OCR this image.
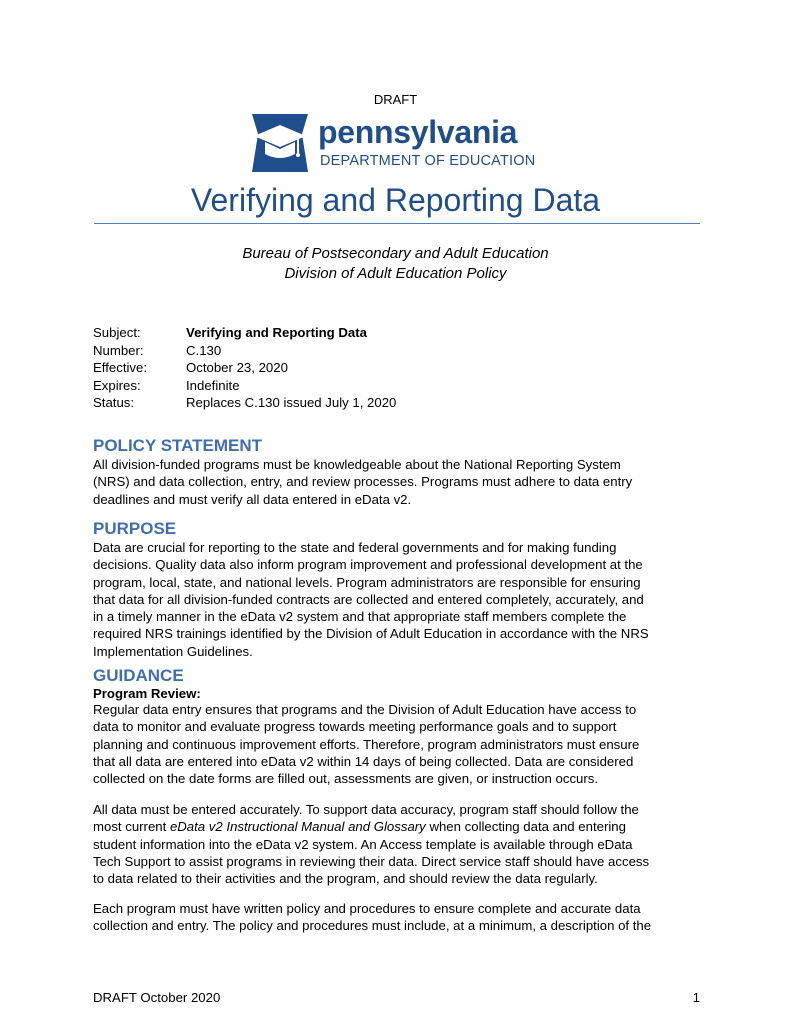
DRAFT
pennsylvania
DEPARTMENT OF EDUCATION
Verifying and Reporting Data
Bureau of Postsecondary and Adult Education
Division of Adult Education Policy
Subject:	Verifying and Reporting Data
Number:	C.130
Effective:	October 23, 2020
Expires:	Indefinite
Status:	Replaces C.130 issued July 1, 2020
POLICY STATEMENT

All division-funded programs must be knowledgeable about the National Reporting System
(NRS) and data collection, entry, and review processes. Programs must adhere to data entry
deadlines and must verify all data entered in eData v2.

PURPOSE

Data are crucial for reporting to the state and federal governments and for making funding
decisions. Quality data also inform program improvement and professional development at the
program, local, state, and national levels. Program administrators are responsible for ensuring
that data for all division-funded contracts are collected and entered completely, accurately, and
in a timely manner in the eData v2 system and that appropriate staff members complete the
required NRS trainings identified by the Division of Adult Education in accordance with the NRS
Implementation Guidelines.

GUIDANCE
Program Review:

Regular data entry ensures that programs and the Division of Adult Education have access to
data to monitor and evaluate progress towards meeting performance goals and to support
planning and continuous improvement efforts. Therefore, program administrators must ensure
that all data are entered into eData v2 within 14 days of being collected. Data are considered
collected on the date forms are filled out, assessments are given, or instruction occurs.

All data must be entered accurately. To support data accuracy, program staff should follow the
most current eData v2 Instructional Manual and Glossary when collecting data and entering
student information into the eData v2 system. An Access template is available through eData
Tech Support to assist programs in reviewing their data. Direct service staff should have access
to data related to their activities and the program, and should review the data regularly.

Each program must have written policy and procedures to ensure complete and accurate data
collection and entry. The policy and procedures must include, at a minimum, a description of the

DRAFT October 2020	1
